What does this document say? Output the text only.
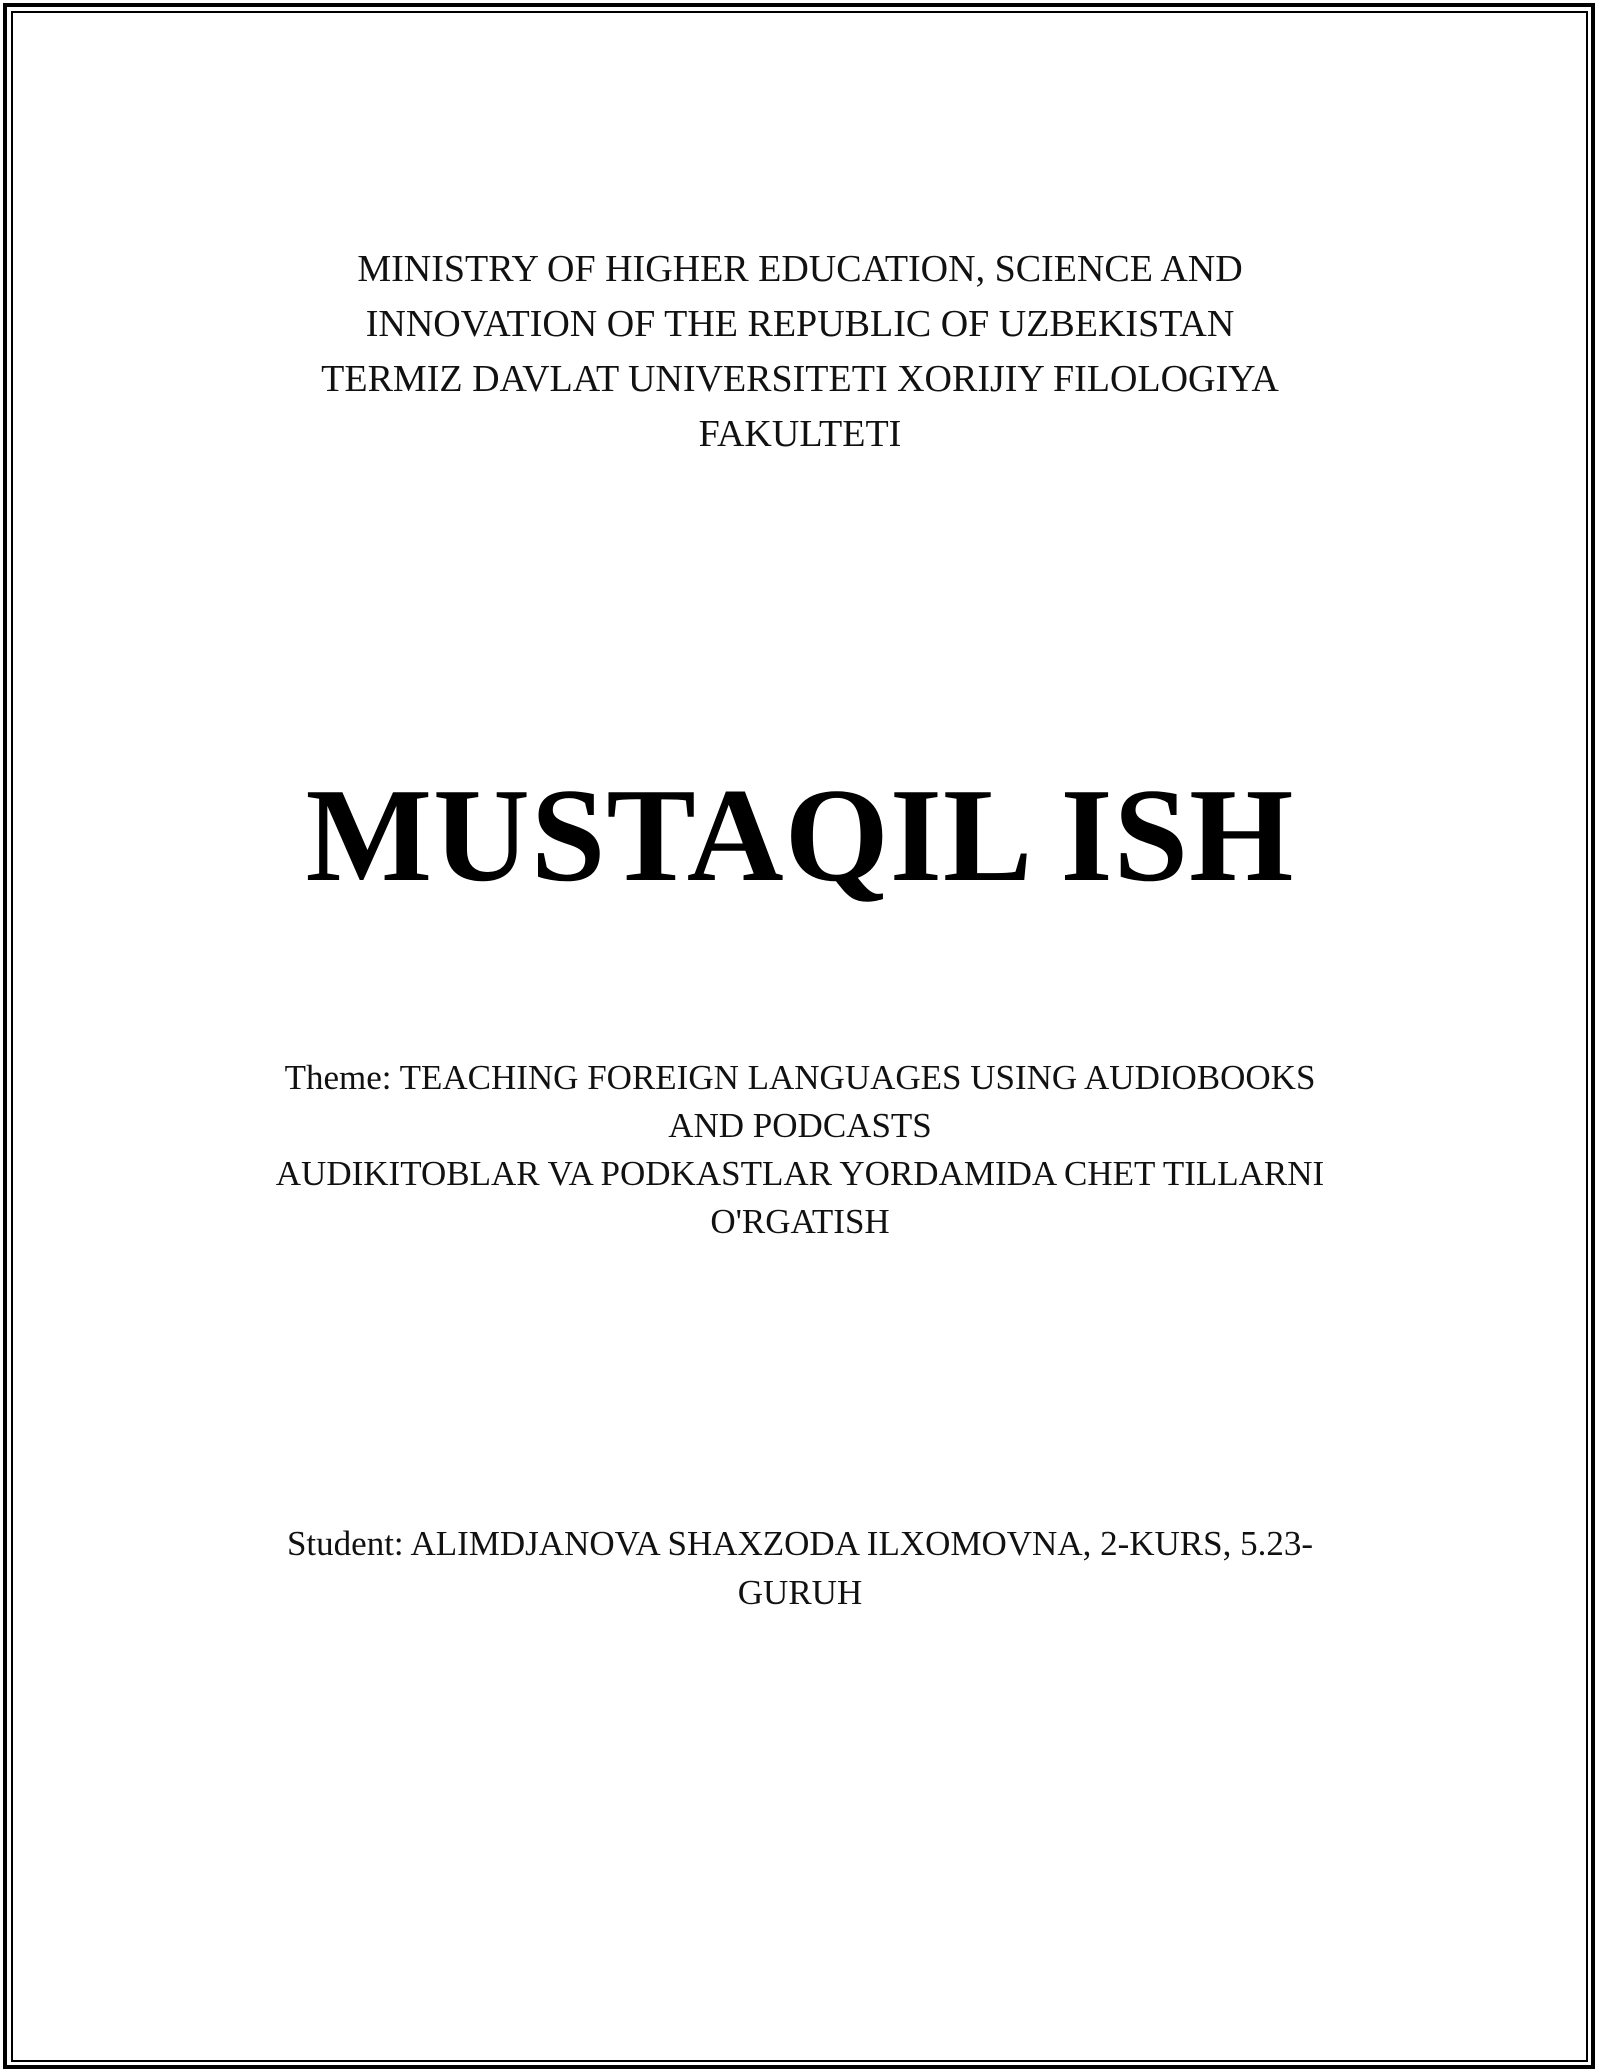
MINISTRY OF HIGHER EDUCATION, SCIENCE AND
INNOVATION OF THE REPUBLIC OF UZBEKISTAN
TERMIZ DAVLAT UNIVERSITETI XORIJIY FILOLOGIYA
FAKULTETI
MUSTAQIL ISH
Theme: TEACHING FOREIGN LANGUAGES USING AUDIOBOOKS
AND PODCASTS
AUDIKITOBLAR VA PODKASTLAR YORDAMIDA CHET TILLARNI
O'RGATISH
Student: ALIMDJANOVA SHAXZODA ILXOMOVNA, 2-KURS, 5.23-
GURUH
